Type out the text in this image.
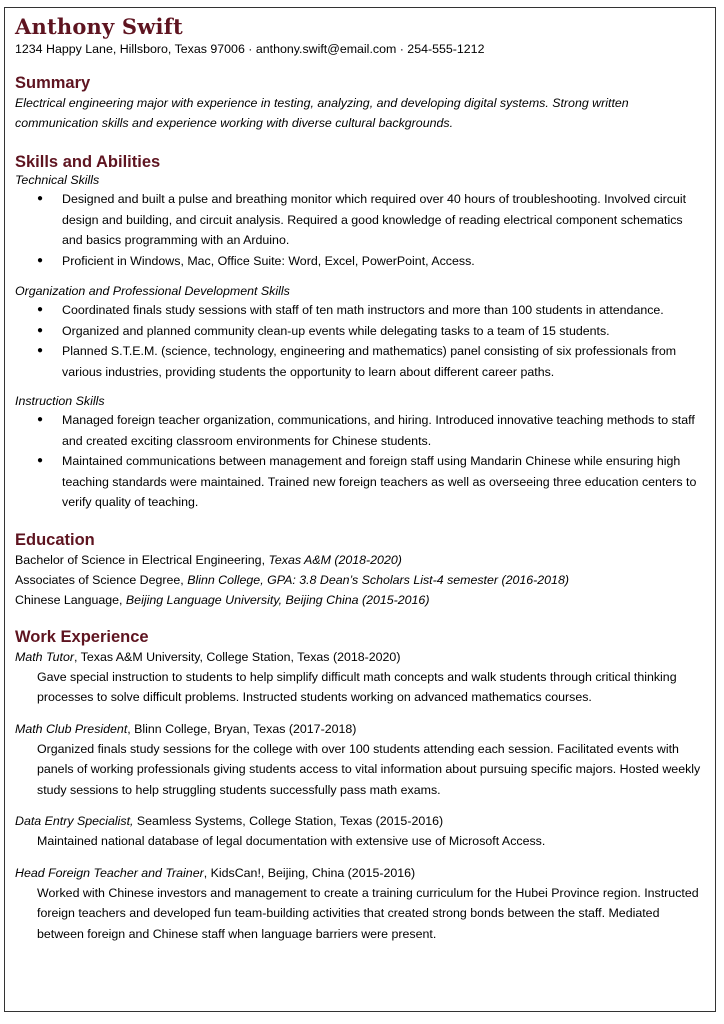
Anthony Swift

1234 Happy Lane, Hillsboro, Texas 97006 · anthony.swift@email.com · 254-555-1212

Summary

Electrical engineering major with experience in testing, analyzing, and developing digital systems. Strong written communication skills and experience working with diverse cultural backgrounds.

Skills and Abilities

Technical Skills

● Designed and built a pulse and breathing monitor which required over 40 hours of troubleshooting. Involved circuit design and building, and circuit analysis. Required a good knowledge of reading electrical component schematics and basics programming with an Arduino.
● Proficient in Windows, Mac, Office Suite: Word, Excel, PowerPoint, Access.

Organization and Professional Development Skills

● Coordinated finals study sessions with staff of ten math instructors and more than 100 students in attendance.
● Organized and planned community clean-up events while delegating tasks to a team of 15 students.
● Planned S.T.E.M. (science, technology, engineering and mathematics) panel consisting of six professionals from various industries, providing students the opportunity to learn about different career paths.

Instruction Skills

● Managed foreign teacher organization, communications, and hiring. Introduced innovative teaching methods to staff and created exciting classroom environments for Chinese students.
● Maintained communications between management and foreign staff using Mandarin Chinese while ensuring high teaching standards were maintained. Trained new foreign teachers as well as overseeing three education centers to verify quality of teaching.
Education

Bachelor of Science in Electrical Engineering, Texas A&M (2018-2020)

Associates of Science Degree, Blinn College, GPA: 3.8 Dean’s Scholars List-4 semester (2016-2018)

Chinese Language, Beijing Language University, Beijing China (2015-2016)

Work Experience

Math Tutor, Texas A&M University, College Station, Texas (2018-2020)

Gave special instruction to students to help simplify difficult math concepts and walk students through critical thinking processes to solve difficult problems. Instructed students working on advanced mathematics courses.

Math Club President, Blinn College, Bryan, Texas (2017-2018)

Organized finals study sessions for the college with over 100 students attending each session. Facilitated events with panels of working professionals giving students access to vital information about pursuing specific majors. Hosted weekly study sessions to help struggling students successfully pass math exams.

Data Entry Specialist, Seamless Systems, College Station, Texas (2015-2016)

Maintained national database of legal documentation with extensive use of Microsoft Access.

Head Foreign Teacher and Trainer, KidsCan!, Beijing, China (2015-2016)

Worked with Chinese investors and management to create a training curriculum for the Hubei Province region. Instructed foreign teachers and developed fun team-building activities that created strong bonds between the staff. Mediated between foreign and Chinese staff when language barriers were present.
